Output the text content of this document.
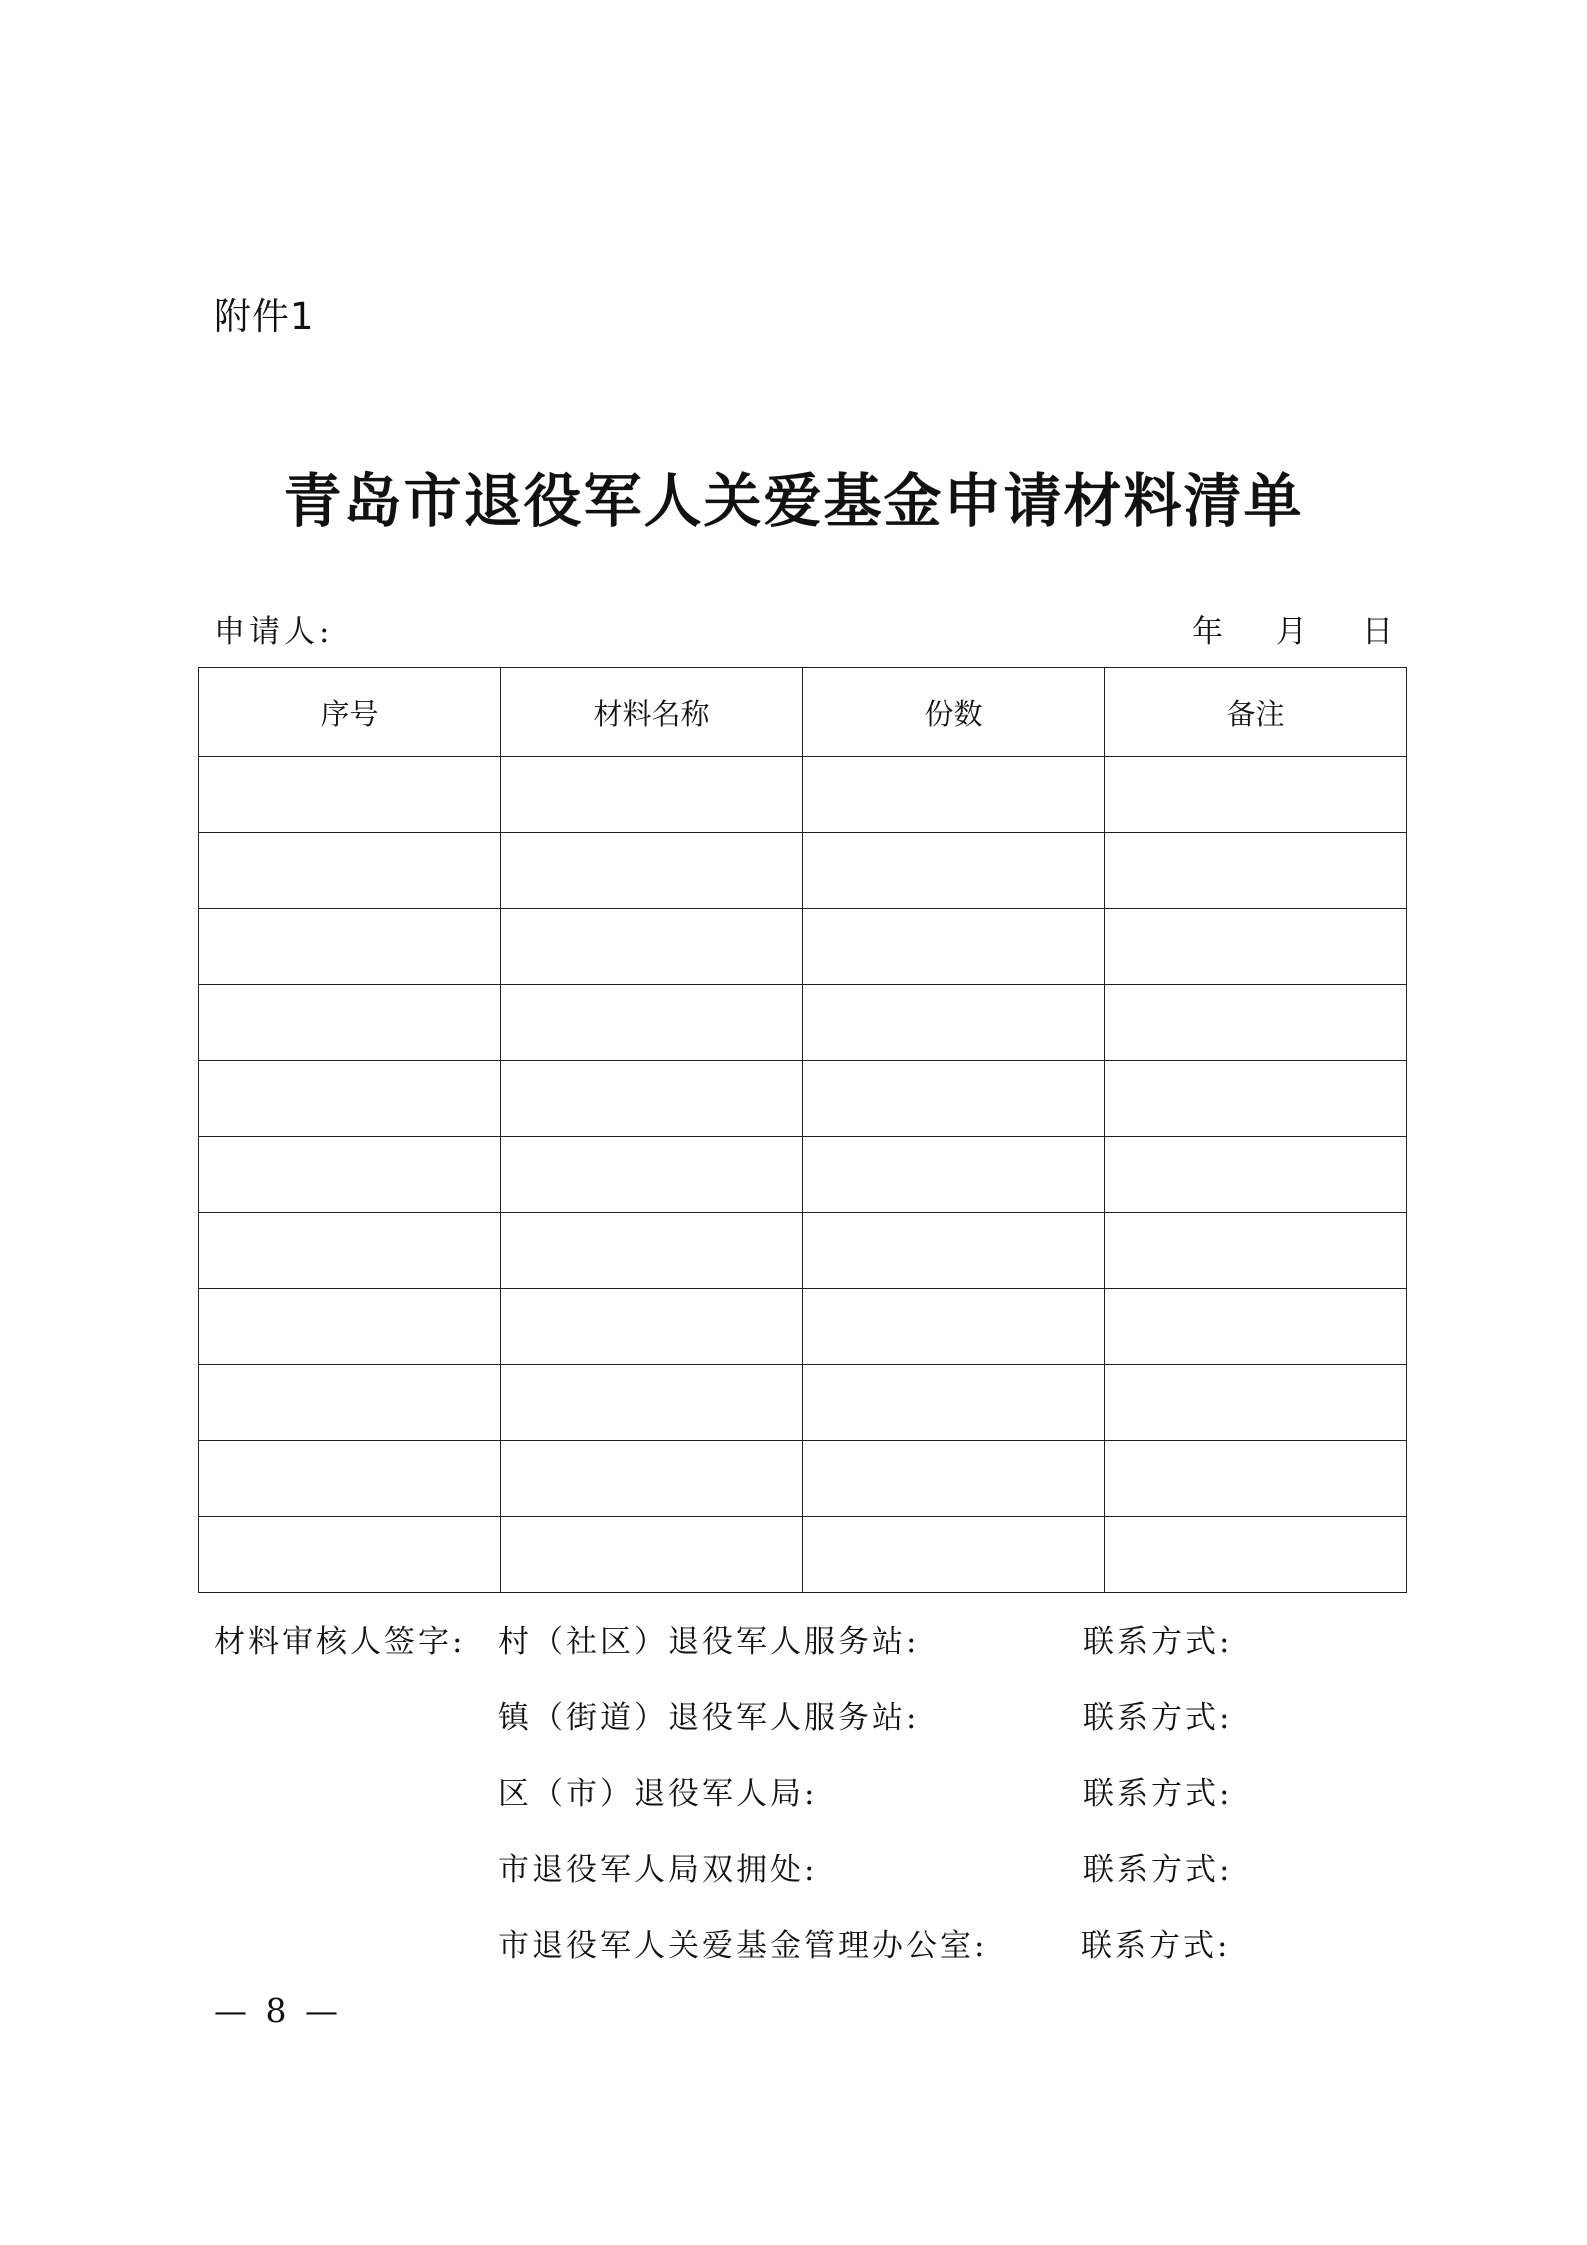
附件1
青岛市退役军人关爱基金申请材料清单
申请人:	年 月 日
序号	材料名称	份数	备注

材料审核人签字: 村（社区）退役军人服务站:	联系方式:
镇（街道）退役军人服务站:	联系方式:
区（市）退役军人局:	联系方式:
市退役军人局双拥处:	联系方式:
市退役军人关爱基金管理办公室:	联系方式:
— 8 —
